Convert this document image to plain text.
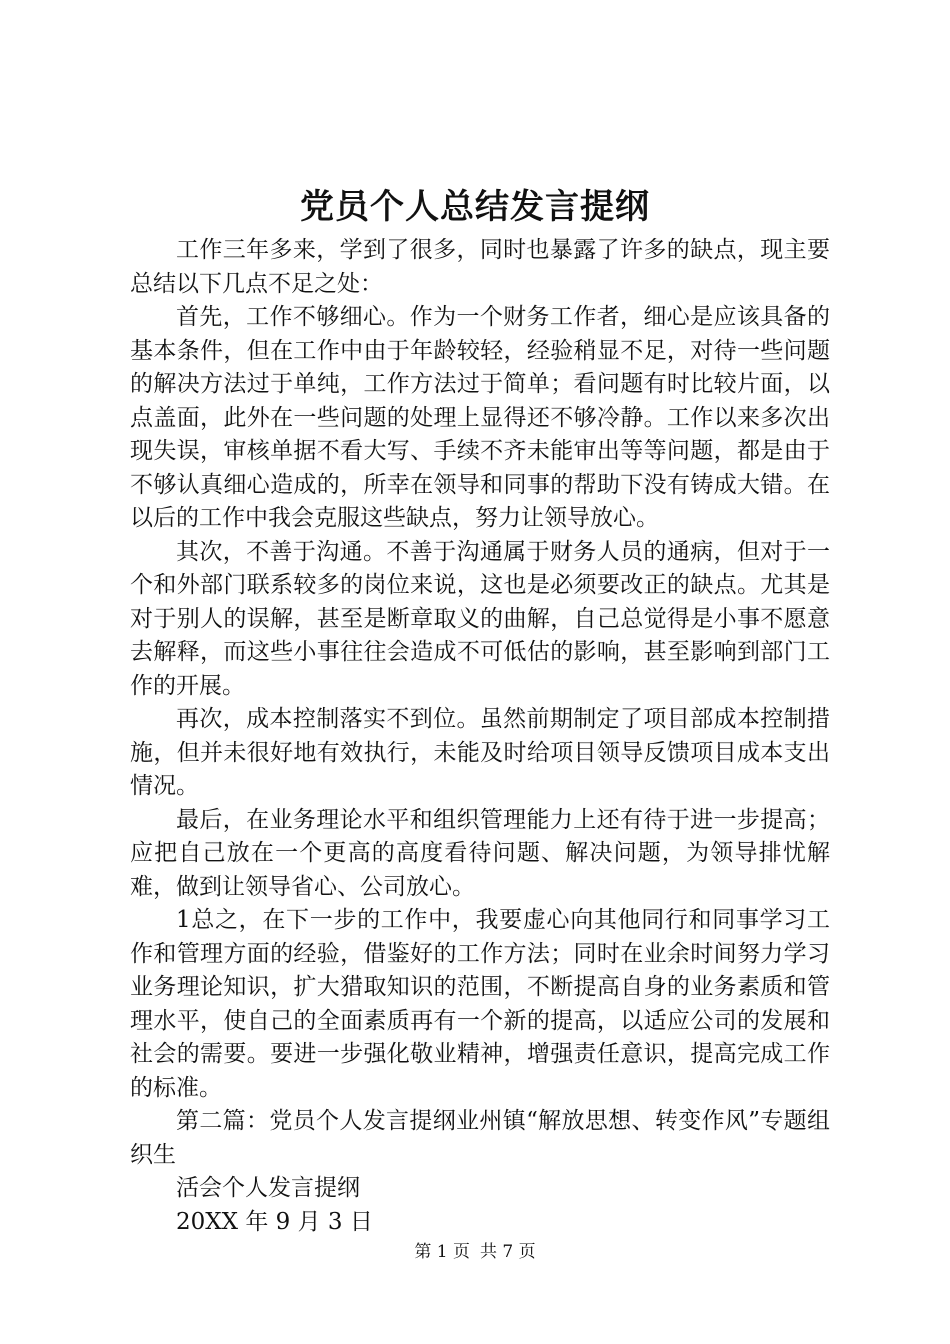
党员个人总结发言提纲

工作三年多来，学到了很多，同时也暴露了许多的缺点，现主要总结以下几点不足之处：

首先，工作不够细心。作为一个财务工作者，细心是应该具备的基本条件，但在工作中由于年龄较轻，经验稍显不足，对待一些问题的解决方法过于单纯，工作方法过于简单；看问题有时比较片面，以点盖面，此外在一些问题的处理上显得还不够冷静。工作以来多次出现失误，审核单据不看大写、手续不齐未能审出等等问题，都是由于不够认真细心造成的，所幸在领导和同事的帮助下没有铸成大错。在以后的工作中我会克服这些缺点，努力让领导放心。

其次，不善于沟通。不善于沟通属于财务人员的通病，但对于一个和外部门联系较多的岗位来说，这也是必须要改正的缺点。尤其是对于别人的误解，甚至是断章取义的曲解，自己总觉得是小事不愿意去解释，而这些小事往往会造成不可低估的影响，甚至影响到部门工作的开展。

再次，成本控制落实不到位。虽然前期制定了项目部成本控制措施，但并未很好地有效执行，未能及时给项目领导反馈项目成本支出情况。

最后，在业务理论水平和组织管理能力上还有待于进一步提高；应把自己放在一个更高的高度看待问题、解决问题，为领导排忧解难，做到让领导省心、公司放心。

1总之，在下一步的工作中，我要虚心向其他同行和同事学习工作和管理方面的经验，借鉴好的工作方法；同时在业余时间努力学习业务理论知识，扩大猎取知识的范围，不断提高自身的业务素质和管理水平，使自己的全面素质再有一个新的提高，以适应公司的发展和社会的需要。要进一步强化敬业精神，增强责任意识，提高完成工作的标准。

第二篇：党员个人发言提纲业州镇“解放思想、转变作风”专题组织生

活会个人发言提纲

20XX 年 9 月 3 日

第 1 页 共 7 页
